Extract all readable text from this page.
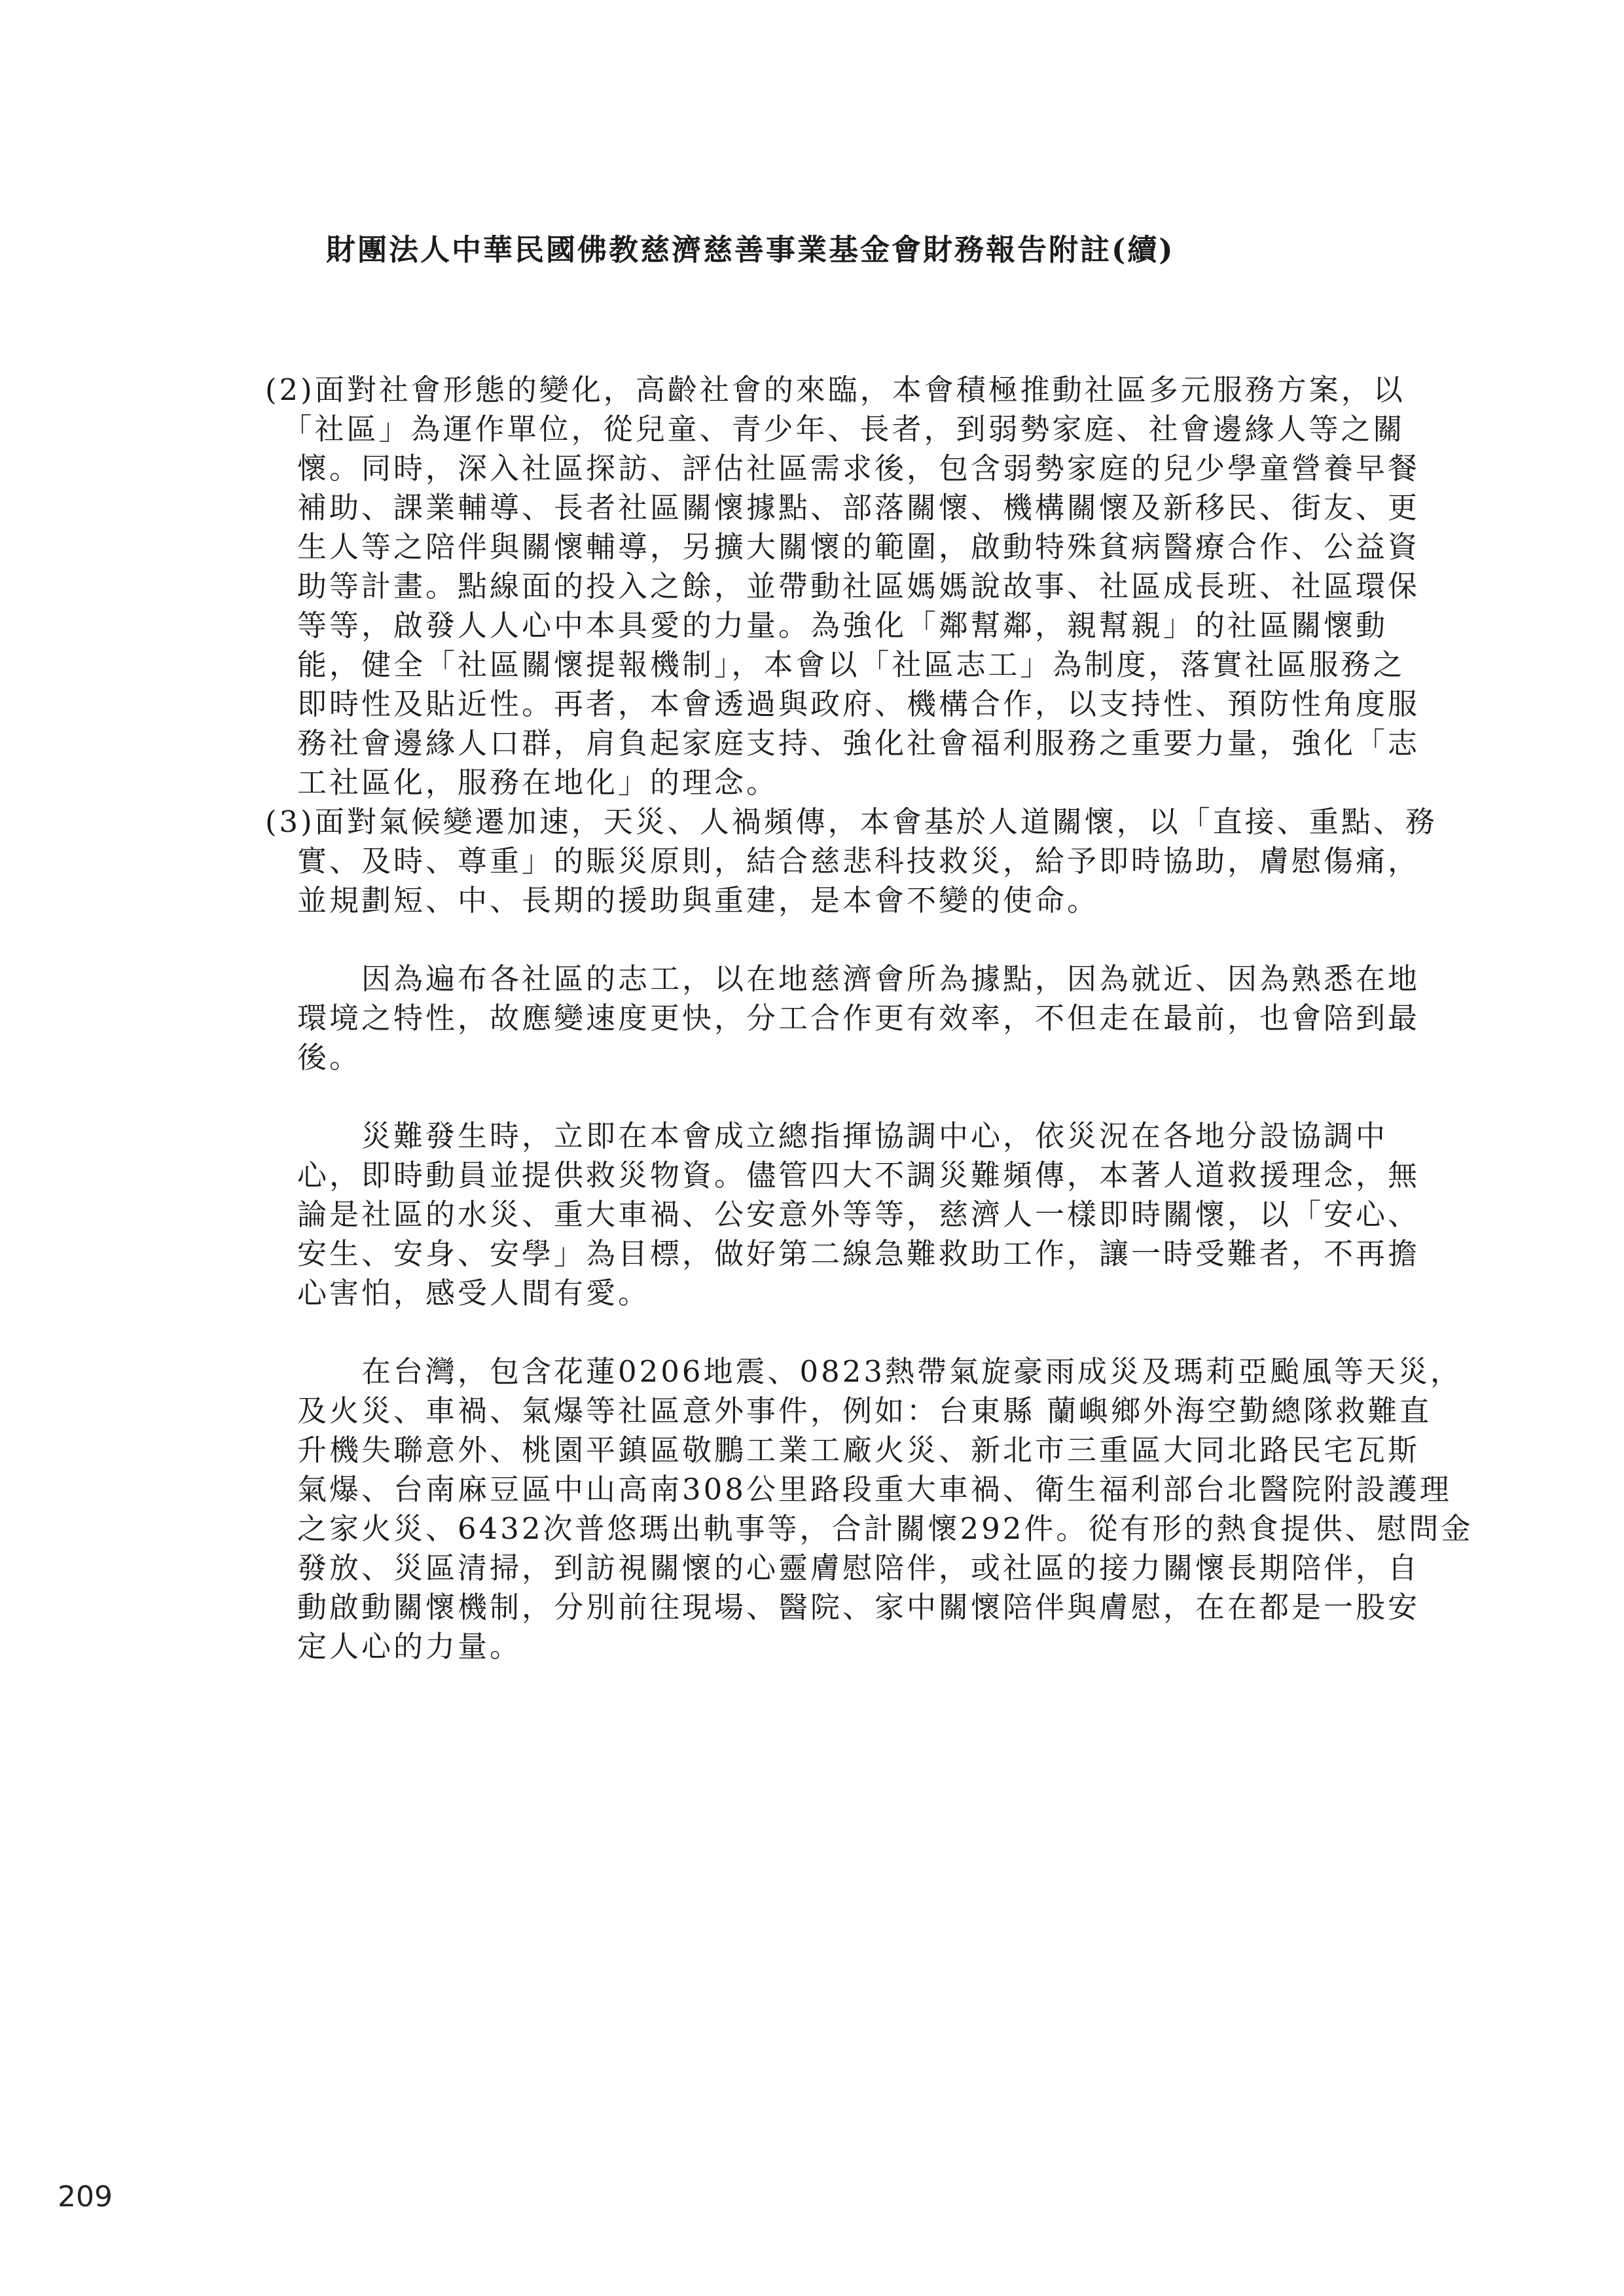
財團法人中華民國佛教慈濟慈善事業基金會財務報告附註(續)
(2)面對社會形態的變化，高齡社會的來臨，本會積極推動社區多元服務方案，以
　「社區」為運作單位，從兒童、青少年、長者，到弱勢家庭、社會邊緣人等之關
　懷。同時，深入社區探訪、評估社區需求後，包含弱勢家庭的兒少學童營養早餐
　補助、課業輔導、長者社區關懷據點、部落關懷、機構關懷及新移民、街友、更
　生人等之陪伴與關懷輔導，另擴大關懷的範圍，啟動特殊貧病醫療合作、公益資
　助等計畫。點線面的投入之餘，並帶動社區媽媽說故事、社區成長班、社區環保
　等等，啟發人人心中本具愛的力量。為強化「鄰幫鄰，親幫親」的社區關懷動
　能，健全「社區關懷提報機制」，本會以「社區志工」為制度，落實社區服務之
　即時性及貼近性。再者，本會透過與政府、機構合作，以支持性、預防性角度服
　務社會邊緣人口群，肩負起家庭支持、強化社會福利服務之重要力量，強化「志
　工社區化，服務在地化」的理念。
(3)面對氣候變遷加速，天災、人禍頻傳，本會基於人道關懷，以「直接、重點、務
　實、及時、尊重」的賑災原則，結合慈悲科技救災，給予即時協助，膚慰傷痛，
　並規劃短、中、長期的援助與重建，是本會不變的使命。
　　　因為遍布各社區的志工，以在地慈濟會所為據點，因為就近、因為熟悉在地
　環境之特性，故應變速度更快，分工合作更有效率，不但走在最前，也會陪到最
　後。
　　　災難發生時，立即在本會成立總指揮協調中心，依災況在各地分設協調中
　心，即時動員並提供救災物資。儘管四大不調災難頻傳，本著人道救援理念，無
　論是社區的水災、重大車禍、公安意外等等，慈濟人一樣即時關懷，以「安心、
　安生、安身、安學」為目標，做好第二線急難救助工作，讓一時受難者，不再擔
　心害怕，感受人間有愛。
　　　在台灣，包含花蓮0206地震、0823熱帶氣旋豪雨成災及瑪莉亞颱風等天災，
　及火災、車禍、氣爆等社區意外事件，例如：台東縣 蘭嶼鄉外海空勤總隊救難直
　升機失聯意外、桃園平鎮區敬鵬工業工廠火災、新北市三重區大同北路民宅瓦斯
　氣爆、台南麻豆區中山高南308公里路段重大車禍、衛生福利部台北醫院附設護理
　之家火災、6432次普悠瑪出軌事等，合計關懷292件。從有形的熱食提供、慰問金
　發放、災區清掃，到訪視關懷的心靈膚慰陪伴，或社區的接力關懷長期陪伴，自
　動啟動關懷機制，分別前往現場、醫院、家中關懷陪伴與膚慰，在在都是一股安
　定人心的力量。
209
